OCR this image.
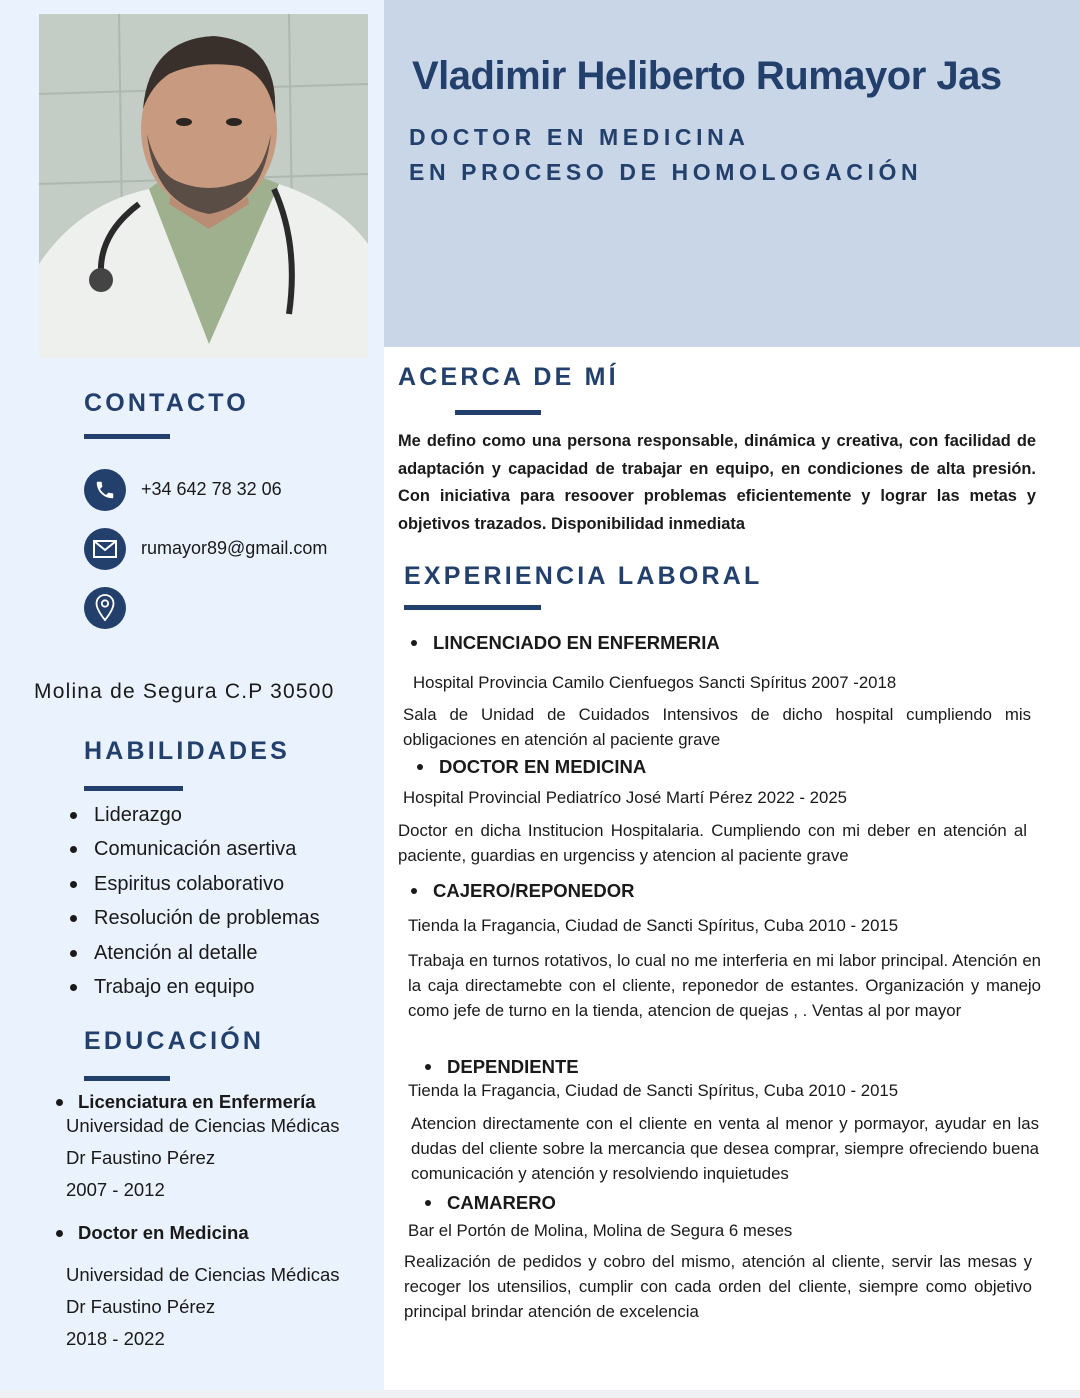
Vladimir Heliberto Rumayor Jas
DOCTOR EN MEDICINA
EN PROCESO DE HOMOLOGACIÓN
CONTACTO
+34 642 78 32 06
rumayor89@gmail.com
Molina de Segura C.P 30500
HABILIDADES
Liderazgo
Comunicación asertiva
Espiritus colaborativo
Resolución de problemas
Atención al detalle
Trabajo en equipo
EDUCACIÓN
Licenciatura en Enfermería
Universidad de Ciencias Médicas
Dr Faustino Pérez
2007 - 2012
Doctor en Medicina
Universidad de Ciencias Médicas
Dr Faustino Pérez
2018 - 2022
ACERCA DE MÍ
Me defino como una persona responsable, dinámica y creativa, con facilidad de adaptación y capacidad de trabajar en equipo, en condiciones de alta presión. Con iniciativa para resoover problemas eficientemente y lograr las metas y objetivos trazados. Disponibilidad inmediata
EXPERIENCIA LABORAL
LINCENCIADO EN ENFERMERIA
Hospital Provincia Camilo Cienfuegos Sancti Spíritus 2007 -2018
Sala de Unidad de Cuidados Intensivos de dicho hospital cumpliendo mis obligaciones en atención al paciente grave
DOCTOR EN MEDICINA
Hospital Provincial Pediatríco José Martí Pérez 2022 - 2025
Doctor en dicha Institucion Hospitalaria. Cumpliendo con mi deber en atención al paciente, guardias en urgenciss y atencion al paciente grave
CAJERO/REPONEDOR
Tienda la Fragancia, Ciudad de Sancti Spíritus, Cuba 2010 - 2015
Trabaja en turnos rotativos, lo cual no me interferia en mi labor principal. Atención en la caja directamebte con el cliente, reponedor de estantes. Organización y manejo como jefe de turno en la tienda, atencion de quejas , . Ventas al por mayor
DEPENDIENTE
Tienda la Fragancia, Ciudad de Sancti Spíritus, Cuba 2010 - 2015
Atencion directamente con el cliente en venta al menor y pormayor, ayudar en las dudas del cliente sobre la mercancia que desea comprar, siempre ofreciendo buena comunicación y atención y resolviendo inquietudes
CAMARERO
Bar el Portón de Molina, Molina de Segura 6 meses
Realización de pedidos y cobro del mismo, atención al cliente, servir las mesas y recoger los utensilios, cumplir con cada orden del cliente, siempre como objetivo principal brindar atención de excelencia
